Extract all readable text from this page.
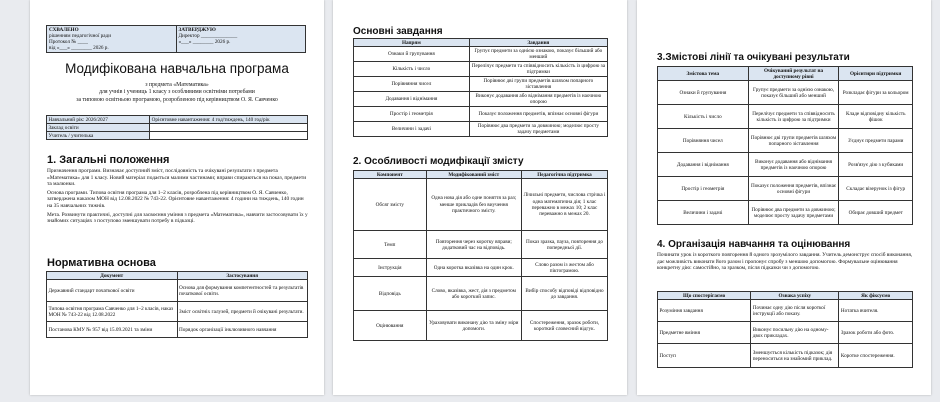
СХВАЛЕНО
рішенням педагогічної ради
Протокол № ____
від «___» ________ 2026 р.

ЗАТВЕРДЖУЮ
Директор ______________
«___» ________ 2026 р.
Модифікована навчальна програма
з предмета «Математика»
для учнів і учениць 1 класу з особливими освітніми потребами
за типовою освітньою програмою, розробленою під керівництвом О. Я. Савченко
Навчальний рік: 2026/2027	Орієнтовне навантаження: 4 год/тиждень, 140 год/рік
Заклад освіти	
Учитель / учителька	
1. Загальні положення
Призначення програми. Визначає доступний зміст, послідовність та очікувані результати з предмета «Математика» для 1 класу. Новий матеріал подається малими частинами; вправи спираються на показ, предмети та малюнки.
Основа програми. Типова освітня програма для 1–2 класів, розроблена під керівництвом О. Я. Савченко, затверджена наказом МОН від 12.08.2022 № 743-22. Орієнтовне навантаження: 4 години на тиждень, 140 годин на 35 навчальних тижнів.
Мета. Розвинути практичні, доступні для засвоєння уміння з предмета «Математика», навчити застосовувати їх у знайомих ситуаціях з поступово зменшувати потребу в підказці.
Нормативна основа
Документ	Застосування
Державний стандарт початкової освіти	Основа для формування компетентностей та результатів початкової освіти.
Типова освітня програма Савченко для 1–2 класів, наказ МОН № 743-22 від 12.08.2022	Зміст освітніх галузей, предмети й очікувані результати.
Постанова КМУ № 957 від 15.09.2021 та зміни	Порядок організації інклюзивного навчання
Основні завдання
Напрям	Завдання
Ознаки й групування	Групує предмети за однією ознакою, показує більший або менший
Кількість і число	Перелічує предмети та співвідносить кількість із цифрою за підтримки
Порівняння чисел	Порівнює дві групи предметів шляхом попарного зіставлення
Додавання і віднімання	Виконує додавання або віднімання предметів із наочною опорою
Простір і геометрія	Показує положення предметів, впізнає основні фігури
Величини і задачі	Порівнює два предмети за довжиною; моделює просту задачу предметами
2. Особливості модифікації змісту
Компонент	Модифікований зміст	Педагогічна підтримка
Обсяг змісту	Одна нова дія або одне поняття за раз; менше прикладів без виучення практичного змісту.	Лічильні предмети, числова стрічка і одна математична дія; 1 клас переважно в межах 10; 2 клас переважно в межах 20.
Темп	Повторення через коротку вправи; додатковий час на відповідь.	Показ зразка, пауза, повторення до попередньої дії.
Інструкція	Одна коротка вказівка на один крок.	Слово разом із жестом або піктограмою.
Відповідь	Слово, вказівка, жест, дія з предметом або короткий запис.	Вибір способу відповіді відповідно до завдання.
Оцінювання	Ураховувати виконану дію та зміну міри допомоги.	Спостереження, зразок роботи, короткий словесний відгук.
3.Змістові лінії та очікувані результати
Змістова тема	Очікуваний результат на доступному рівні	Орієнтири підтримки
Ознаки й групування	Групує предмети за однією ознакою, показує більший або менший	Розкладає фігури за кольором
Кількість і число	Перелічує предмети та співвідносить кількість із цифрою за підтримки	Кладе відповідну кількість фішок
Порівняння чисел	Порівнює дві групи предметів шляхом попарного зіставлення	З'єднує предмети парами
Додавання і віднімання	Виконує додавання або віднімання предметів із наочною опорою	Розв'язує дію з кубиками
Простір і геометрія	Показує положення предметів, впізнає основні фігури	Складає візерунок із фігур
Величини і задачі	Порівнює два предмети за довжиною; моделює просту задачу предметами	Обирає довший предмет
4. Організація навчання та оцінювання
Починати урок із короткого повторення й одного зрозумілого завдання. Учитель демонструє спосіб виконання, дає можливість виконати його разом і пропонує спробу з меншою допомогою. Формувальне оцінювання конкретну дію: самостійно, за зразком, після підказки чи з допомогою.
Що спостерігаємо	Ознака успіху	Як фіксуємо
Розуміння завдання	Починає одну дію після короткої інструкції або показу.	Нотатка вчителя.
Предметне вміння	Виконує посильну дію на одному-двох прикладах.	Зразок роботи або фото.
Поступ	Зменшується кількість підказок; дія переноситься на знайомий приклад.	Коротке спостереження.
